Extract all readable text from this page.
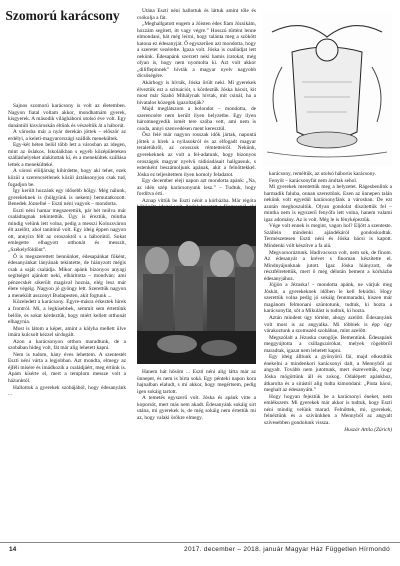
Szomorú karácsony

Sajnos szomorú karácsony is volt az életemben. Nagyon fiatal voltam akkor, mondhatnám gyerek, kisgyerek. A második világháború utolsó éve volt. Egy dunántúli kisvároskán éltünk és vészeltük át a háborút.

A városba már a nyár derekán jöttek – először az erdélyi, a keleti-magyarországi szállók menekültek.

Egy-két héten belül több lett a városban az idegen, mint az őslakos. Iskoláikban s egyéb középületeken szálláshelyeket alakítottak ki, és a menekültek szállása lettek a menekülteké.

A városi elöljárság kihirdette, hogy aki tehet, ezek közül a szerencsétlenek közül áztáksonyjon csak tud, fogadjon be.

Így került hozzánk egy idősebb hölgy. Még nálunk, gyerekeknek is (hölgyünk is nekem) bemutatkozott. Benedek Józsefné – Eszti néni vagyok – mondotta.

Eszti néni hamar megszerettük, pár hét múlva már családtagnak tekintettük. Úgy is éreztük, mintha mindig velünk lett volna, pedig a messzi Kolozsváron élt azelőtt, ahol tanítónő volt. Egy ideig éppen nagyon ott, annyira félt az oroszoktól s a háborútól. Sokat emlegette elhagyott otthonát és messzit, „Székelyföldönt”.

Ő is megszerettett bennünket, édesapánkat főként, édesanyánkat lányának tekintette, de hiányzott mégis csak a saját családja. Mikor apánk bizonyos anyagi segítséget ajánlott neki, elhárította – mondván: ami pénzecskét sikerült magával hoznia, elég lesz már élete végéig. Nagyon jó gyöngy lett. Szerettük nagyon a menekült asszonyt Budapesten, akit fogtunk ...

Közeledett a karácsony. Egyre-másra érkeztek hírek a frontról. Mi, a legkisebbek, semmit sem értettünk belőle, és sokat kérdeztük, hogy miért kellett otthonát elhagynia.

Most is látom a képet, amint a kályha mellett ülve imára kulcsolt kézzel sírdogált.

Azon a karácsonyon otthon maradtunk, de a szobában hideg volt, fát már alig lehetett kapni.

Nem is tudom, hány éves lehettem. A szentestét Eszti néni várta a legjobban. Azt mondta, elmegy az éjféli misére és imádkozik a családjáért, meg értünk is. Apám kísérte el, mert a templom messze volt a házunktól.

Hallottuk a gyerekek szobájából, hogy édesanyánk ...

Utána Eszti néni hallottuk és láttuk amint tőle és csókolja a fát.

„Meghallgatott engem a Jóisten édes fiam Józsikám, hozzám segített, itt vagy végre.” Hosszú tűrtént lenne elmondani, hát még leírni, hogy talánta meg a szökött katona ez édesanyját. Ő egyszerűen azt mondotta, hogy a szeretet vezérelte. Igaza volt. Jóska is csalládjat lett nekünk. Édesapánk szerzett neki hamis iratokat, még olyan is, hogy nem nyomolta ki. Azt volt akkor „diliflepinnek” hívták a magyar nyelv nagyobb dicsőségére.

Akárhogy is hívták, Jóska őrült neki. Mi gyerekek élveztük ezt a szituációt, s kördeztük Jóska bácsit, kit most már Szabó Mihálynak hívtak, mit csinál, ha a hívatalos közegek igazoltatják?

Majd meglátszom a bolondot – mondotta, de szerencsére nem került ilyen helyzetbe. Egy ilyen háromnegyedik ismét tere szóba vett, ami nem is csoda, annyi szenvedésen ment keresztül.

Ősz felé már nagyon rosszak idők jártak, napontá jöttek a hírek a nyilasokról és az elfogadt magyar teraletükről, az orosszok rémtetteiről. Nekünk, gyerekeknek az volt a fel-adatunk, hogy bizonyos oroszágok magyar nyelvű rádióadásait hallgassuk, s estenként beszámoljunk apának, akit a felnőttekkel. Jóska ez teljesítettem ilyen komoly feladatot.

Egy december eleji napon azt mondotta apánk: „Na, az idén szép karácsonyunk lesz.” – Tudtuk, hogy fordítva érti.

Aznap vittük be Eszti nénit a kórházba. Már régóta

Hanem hát hősöm ... Eszti néni alig látta már az ünnepet, és nem is bírta soká. Egy pénteki napon kora hajnalban elaludt, s mi akkor, hogy megértsem, pedig igen sokáig tartott.

A temetés egyszerű volt. Jóska és apánk vitte a koporsót, mert más nem akadt. Édesanyánk sokáig sírt utána, mi gyerekek is, de még sokáig nem értettük mi az, hogy valaki örökre elmegy.

karácsony, reméltük, az utolsó háborús karácsony.

Fenyőt – karácsonyfát nem árultak sehol.

Mi gyerekek mentettük meg a helyzetet. Rágesbenlink a harmadik faluba, onnan szereztünk. Ezen az ünnepen talán nekünk volt egyedül karácsonyfánk a városban. De ezt azután meghoszultük. Olyan gondolat díszítettük fel – mintha nem is egyszerű fenyőfa lett volna, hanem valami igaz adomány. Az is volt. Még le is fényképeztük.

Vége volt ennek is megint, vagon hol? Eljött a szenteste. Szállein mindenki ajándékáról gondoskodtak. Természetesen Eszti néni és Jóska bácsi is kapott. Mindenki vólt készítve a fa alá.

Megvacsoráztunk. Hadivacsora volt, nem sok, de finom. Az édesanyát a krévet s finoman készítette el. Mindnyájunknak jutott. Igaz Jóska hiányzott, de résztfélretettük, mert ő még délután bement a kórházba édesanyjához.

Jöjjön a Jézuska! - mondotta apánk, ne várjuk meg Jóskát, a gyerekeknek időben le kell feküdni. Hogy szerettük volna pedig jó sokáig fennmaradni, hiszen már magánom felmonani szüntotunk, tudtuk, ki hozta a karácsonyfát, sőt a Mikulást is tudtuk, ki hozta.

Aztán mindent úgy történt, ahogy azelőtt. Édesanyánk volt most is az angyalka. Mi többiek is épp úgy várakoztunk a szomszéd szobában, mint azelőtt.

Megszólalt a Jézuska csengője. Bementünk. Édesapánk meggyújtotta a csillagszórókat, melyek rögebbről maradtak, igazat nem lehetett kapni.

Egy ideig álltunk a gyönyörű fái, majd elkezdtük énekelni a mindenkori karácsonyi dalt, a Mennyből az angyalt. Tovább nem jutottunk, mert észrevettük, hogy Jóska mögöttünk áll és zokog. Odalépett apánkhoz, átkarolta és a sírástól alig tudta kimondani: „Piuta bácsi, meghalt az édesanyám.”

Hogy hogyan fejeztük be a karácsonyi éneket, nem emlékszem. Mi gyerekek már akkor is tudtuk, hogy Eszti néni mindig velünk marad. Felnőttek, mi, gyerekek, felnéztünk és a szívünkben a Mennyből az angyalt szívesebben gondolunk vissza.

Huszár Attila (Zürich)

14	2017. december – 2018. január Magyar Ház Független Hírmondó
